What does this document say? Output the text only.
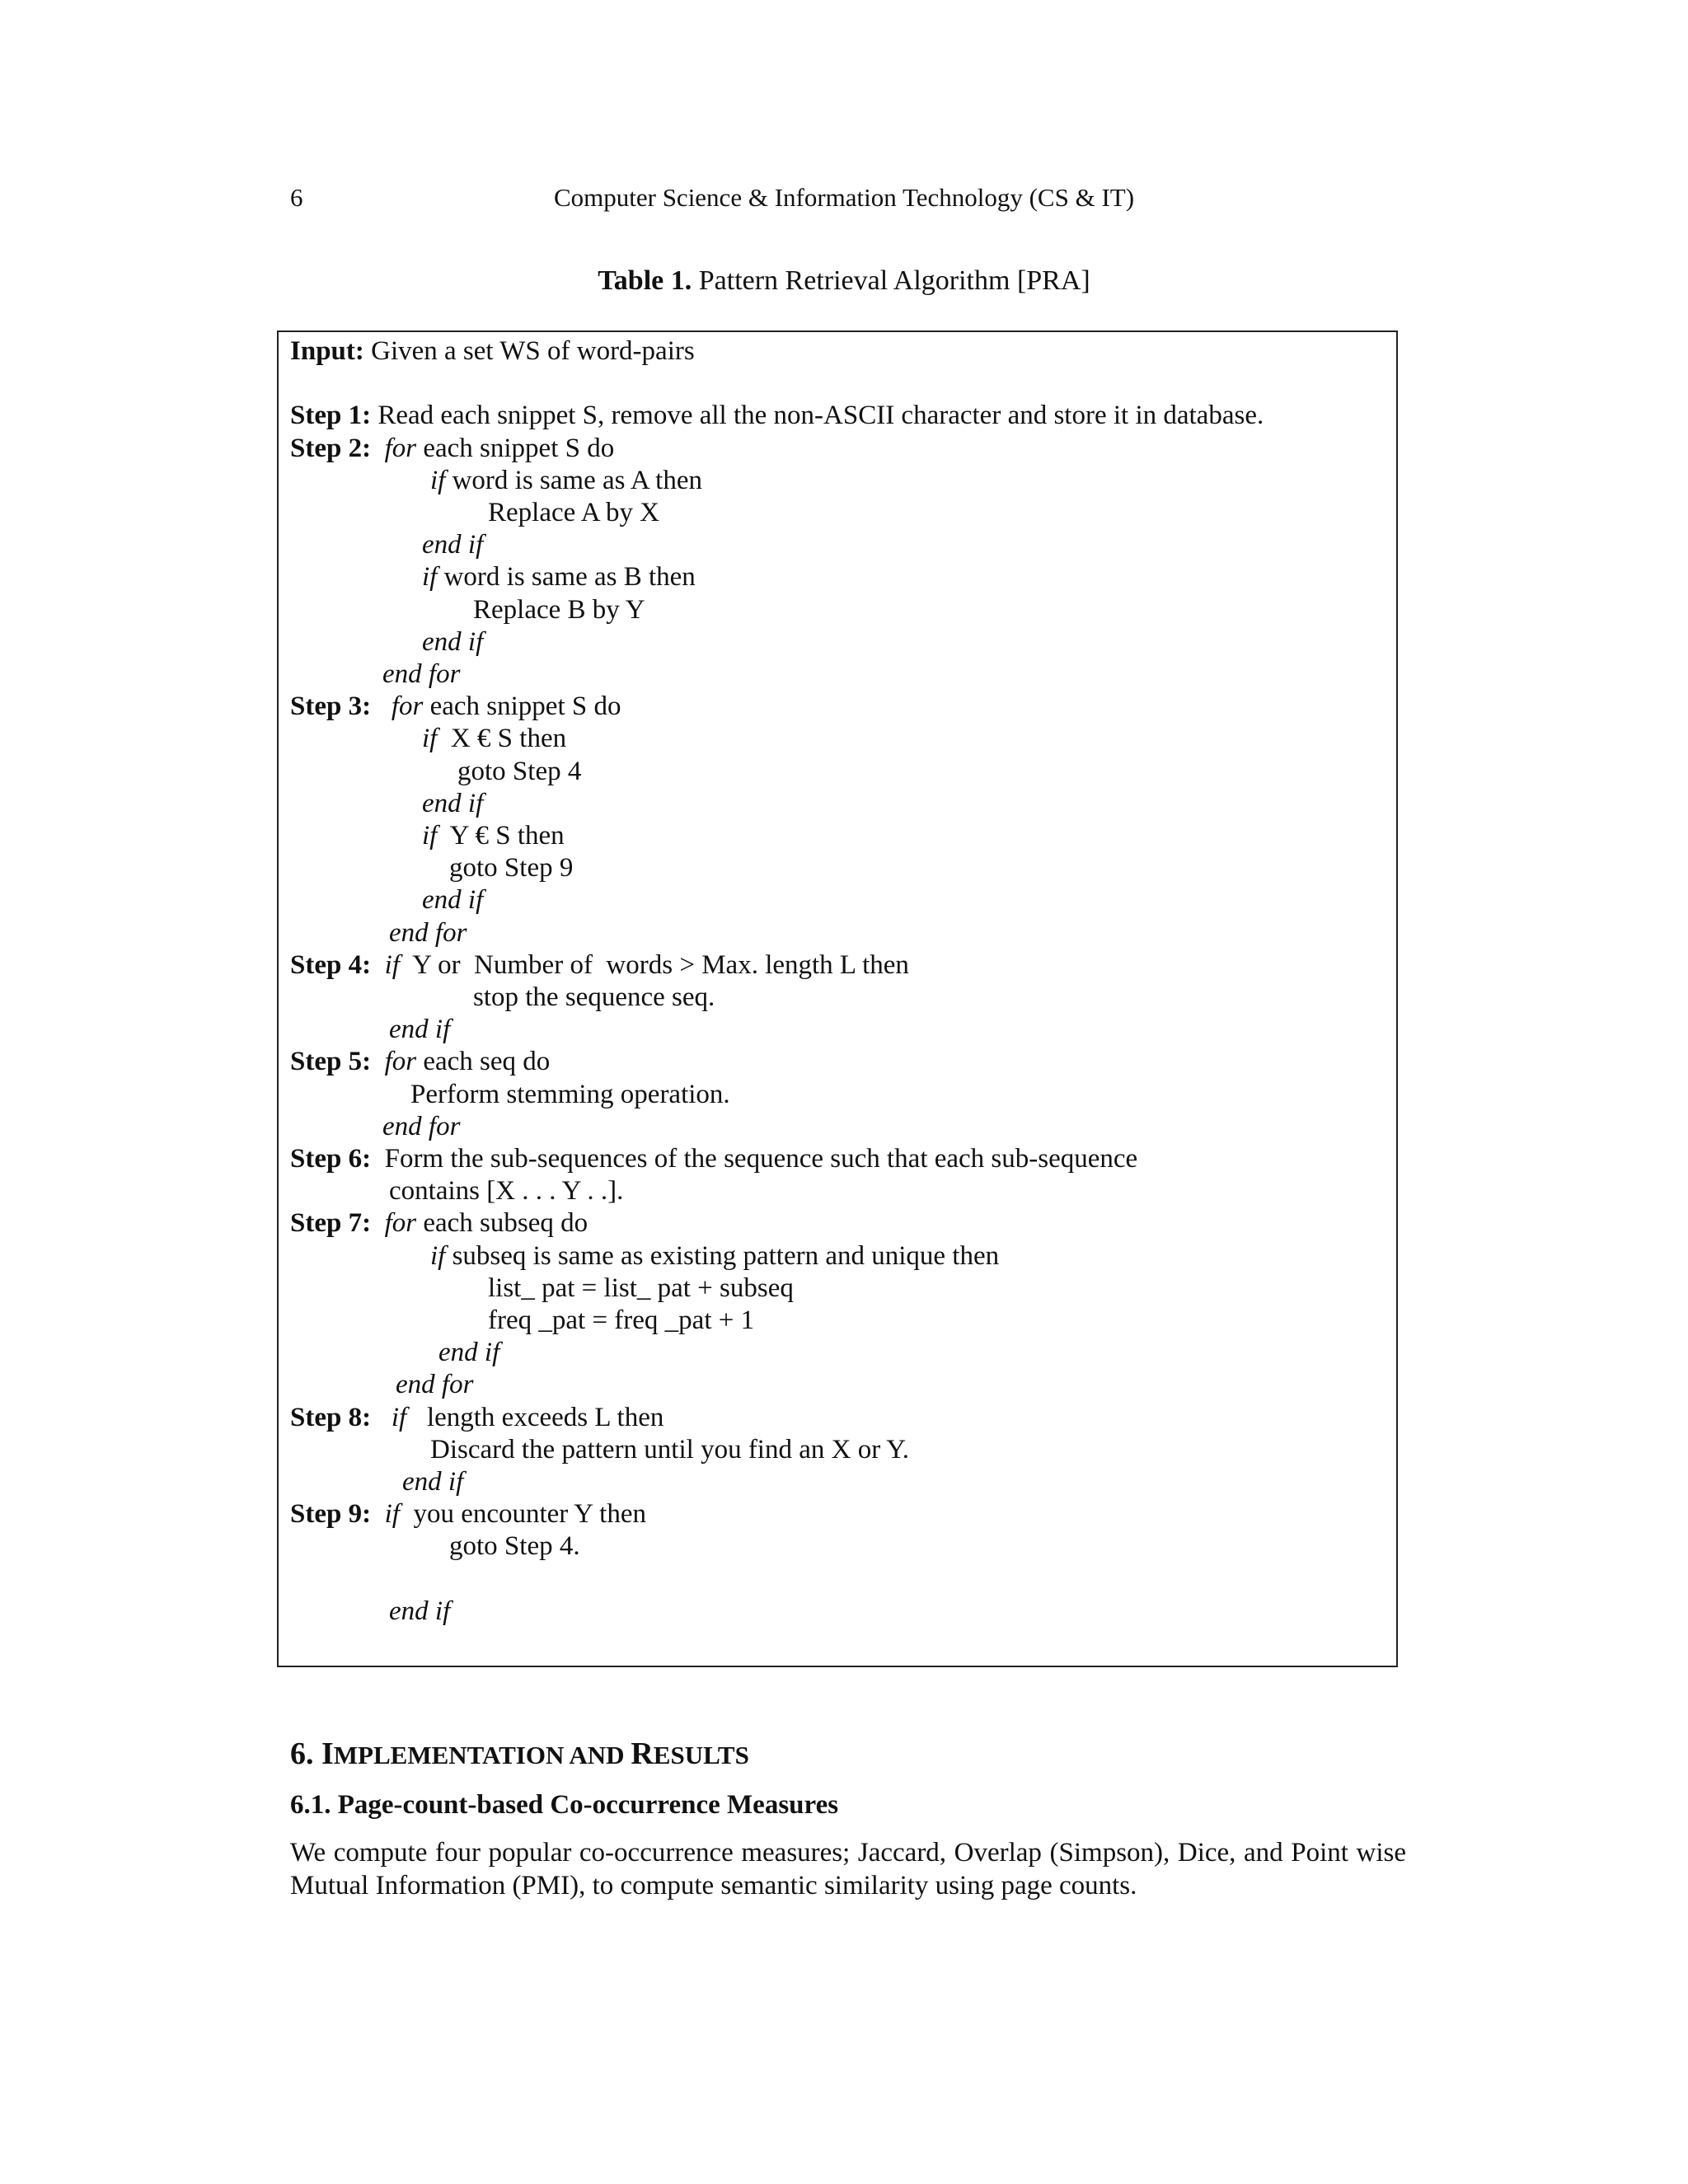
6	Computer Science & Information Technology (CS & IT)
Table 1. Pattern Retrieval Algorithm [PRA]
Input: Given a set WS of word-pairs
Step 1: Read each snippet S, remove all the non-ASCII character and store it in database.
Step 2: for each snippet S do
if word is same as A then
Replace A by X
end if
if word is same as B then
Replace B by Y
end if
end for
Step 3: for each snippet S do
if  X € S then
goto Step 4
end if
if  Y € S then
goto Step 9
end if
end for
Step 4: if  Y or  Number of  words > Max. length L then
stop the sequence seq.
end if
Step 5: for each seq do
Perform stemming operation.
end for
Step 6:  Form the sub-sequences of the sequence such that each sub-sequence
contains [X . . . Y . .].
Step 7: for each subseq do
if subseq is same as existing pattern and unique then
list_ pat = list_ pat + subseq
freq _pat = freq _pat + 1
end if
end for
Step 8: if   length exceeds L then
Discard the pattern until you find an X or Y.
end if
Step 9: if  you encounter Y then
goto Step 4.
end if
6. IMPLEMENTATION AND RESULTS
6.1. Page-count-based Co-occurrence Measures
We compute four popular co-occurrence measures; Jaccard, Overlap (Simpson), Dice, and Point wise Mutual Information (PMI), to compute semantic similarity using page counts.
